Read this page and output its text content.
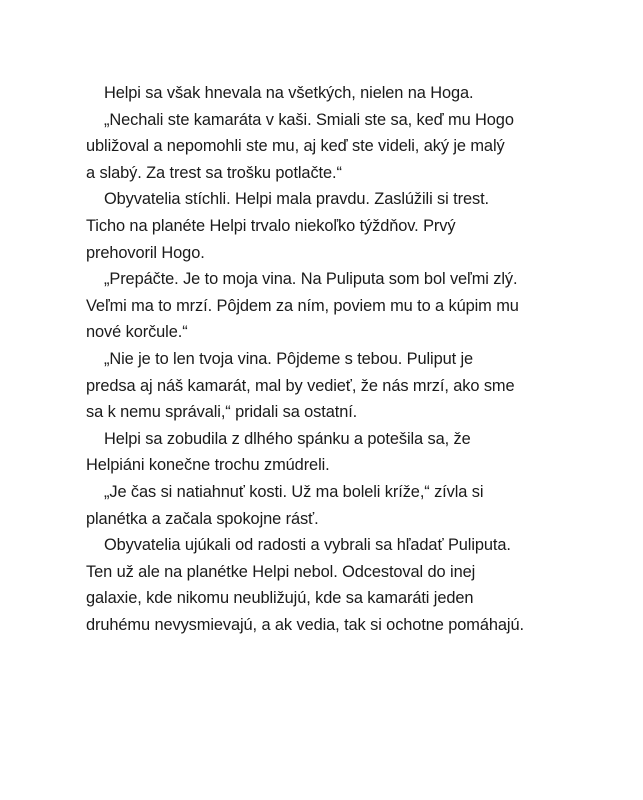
Helpi sa však hnevala na všetkých, nielen na Hoga.
„Nechali ste kamaráta v kaši. Smiali ste sa, keď mu Hogo
ubližoval a nepomohli ste mu, aj keď ste videli, aký je malý
a slabý. Za trest sa trošku potlačte.“
Obyvatelia stíchli. Helpi mala pravdu. Zaslúžili si trest.
Ticho na planéte Helpi trvalo niekoľko týždňov. Prvý
prehovoril Hogo.
„Prepáčte. Je to moja vina. Na Puliputa som bol veľmi zlý.
Veľmi ma to mrzí. Pôjdem za ním, poviem mu to a kúpim mu
nové korčule.“
„Nie je to len tvoja vina. Pôjdeme s tebou. Puliput je
predsa aj náš kamarát, mal by vedieť, že nás mrzí, ako sme
sa k nemu správali,“ pridali sa ostatní.
Helpi sa zobudila z dlhého spánku a potešila sa, že
Helpiáni konečne trochu zmúdreli.
„Je čas si natiahnuť kosti. Už ma boleli kríže,“ zívla si
planétka a začala spokojne rásť.
Obyvatelia ujúkali od radosti a vybrali sa hľadať Puliputa.
Ten už ale na planétke Helpi nebol. Odcestoval do inej
galaxie, kde nikomu neubližujú, kde sa kamaráti jeden
druhému nevysmievajú, a ak vedia, tak si ochotne pomáhajú.
